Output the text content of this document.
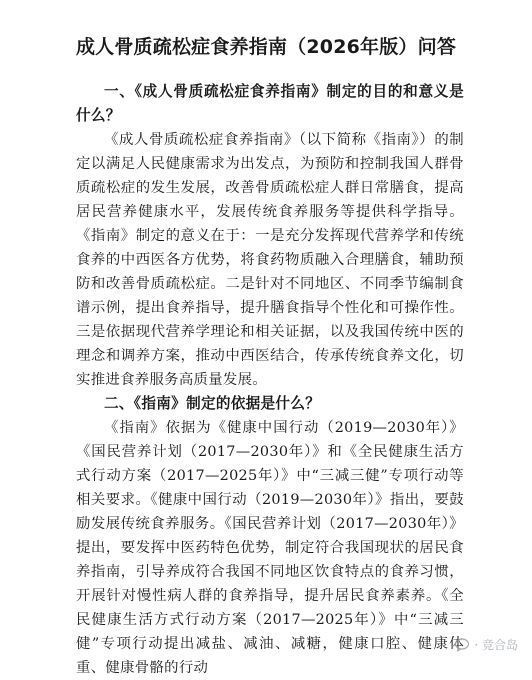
成人骨质疏松症食养指南（2026年版）问答

一、《成人骨质疏松症食养指南》制定的目的和意义是什么？

《成人骨质疏松症食养指南》（以下简称《指南》）的制定以满足人民健康需求为出发点，为预防和控制我国人群骨质疏松症的发生发展，改善骨质疏松症人群日常膳食，提高居民营养健康水平，发展传统食养服务等提供科学指导。《指南》制定的意义在于：一是充分发挥现代营养学和传统食养的中西医各方优势，将食药物质融入合理膳食，辅助预防和改善骨质疏松症。二是针对不同地区、不同季节编制食谱示例，提出食养指导，提升膳食指导个性化和可操作性。三是依据现代营养学理论和相关证据，以及我国传统中医的理念和调养方案，推动中西医结合，传承传统食养文化，切实推进食养服务高质量发展。

二、《指南》制定的依据是什么？

《指南》依据为《健康中国行动（2019—2030年）》《国民营养计划（2017—2030年）》和《全民健康生活方式行动方案（2017—2025年）》中“三减三健”专项行动等相关要求。《健康中国行动（2019—2030年）》指出，要鼓励发展传统食养服务。《国民营养计划（2017—2030年）》提出，要发挥中医药特色优势，制定符合我国现状的居民食养指南，引导养成符合我国不同地区饮食特点的食养习惯，开展针对慢性病人群的食养指导，提升居民食养素养。《全民健康生活方式行动方案（2017—2025年）》中“三减三健”专项行动提出减盐、减油、减糖，健康口腔、健康体重、健康骨骼的行动

· 竞合岛
